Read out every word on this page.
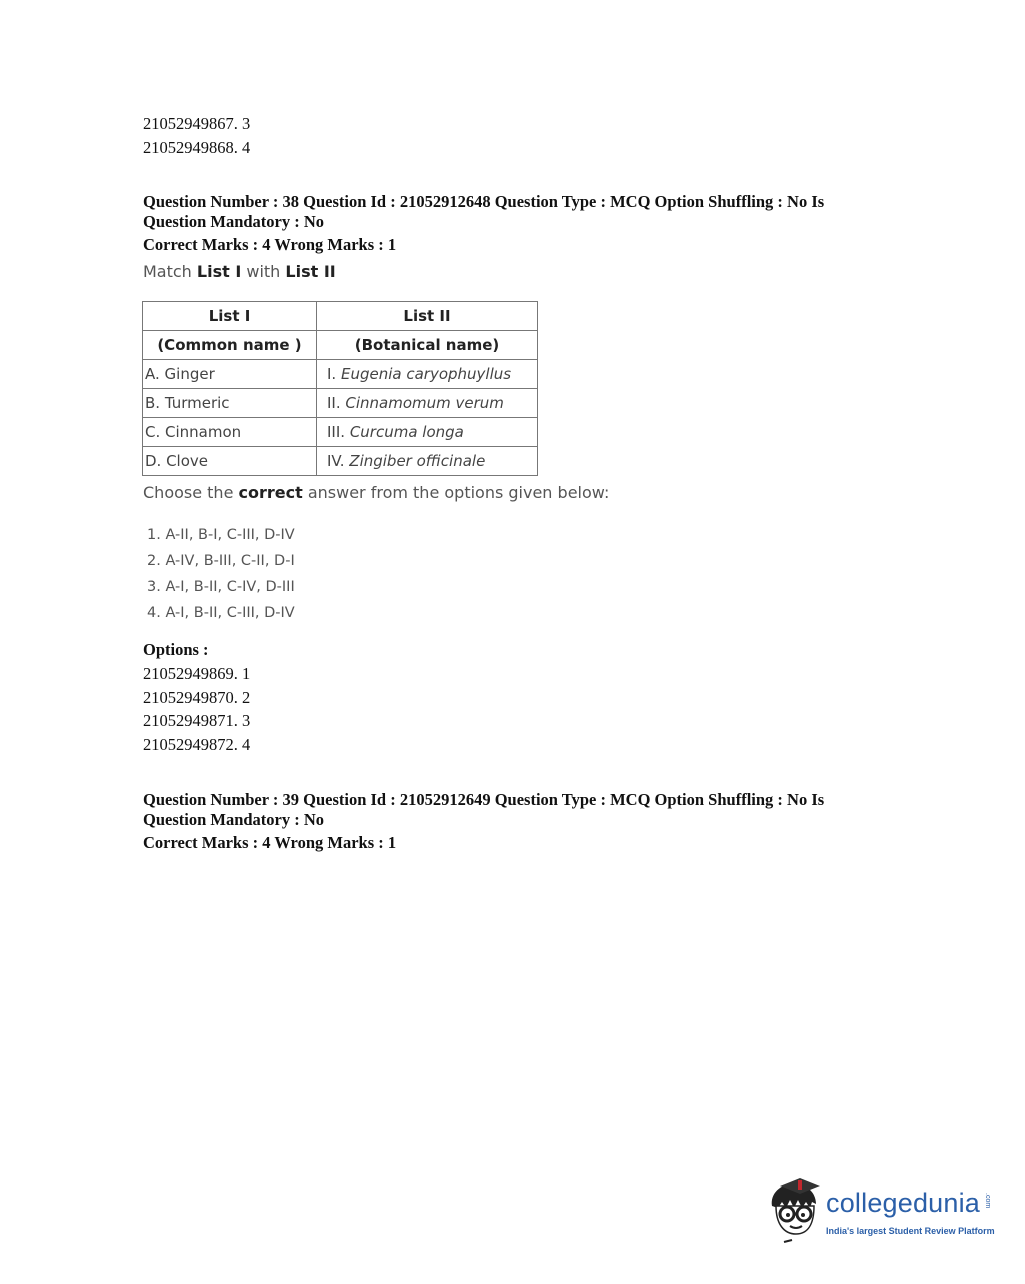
21052949867. 3
21052949868. 4
Question Number : 38 Question Id : 21052912648 Question Type : MCQ Option Shuffling : No Is
Question Mandatory : No
Correct Marks : 4 Wrong Marks : 1
Match List I with List II
List I	List II
(Common name )	(Botanical name)
A. Ginger	I. Eugenia caryophuyllus
B. Turmeric	II. Cinnamomum verum
C. Cinnamon	III. Curcuma longa
D. Clove	IV. Zingiber officinale
Choose the correct answer from the options given below:
1. A-II, B-I, C-III, D-IV
2. A-IV, B-III, C-II, D-I
3. A-I, B-II, C-IV, D-III
4. A-I, B-II, C-III, D-IV
Options :
21052949869. 1
21052949870. 2
21052949871. 3
21052949872. 4
Question Number : 39 Question Id : 21052912649 Question Type : MCQ Option Shuffling : No Is
Question Mandatory : No
Correct Marks : 4 Wrong Marks : 1
collegedunia .com
India's largest Student Review Platform
